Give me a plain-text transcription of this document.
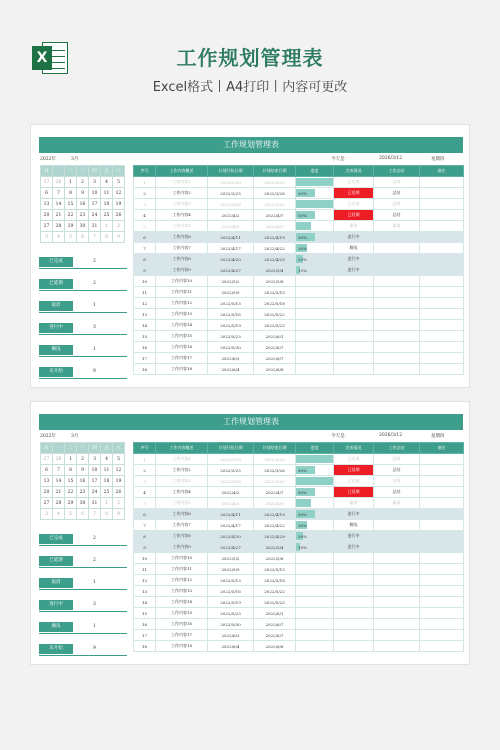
X	工作规划管理表
Excel格式丨A4打印丨内容可更改
工作规划管理表
2022年	3月	今天是：	2026/3/12	星期四
日	一	二	三	四	五	六
27	28	1	2	3	4	5
6	7	8	9	10	11	12
13	14	15	16	17	18	19
20	21	22	23	24	25	26
27	28	29	30	31	1	2
3	4	5	6	7	8	9
已完成	2
已延期	2
取消	1
进行中	3
搁浅	1
未开始	9
序号	工作内容概述	计划开始日期	计划结束日期	进度	完成情况	工作总结	备注
1	工作内容1	2022/3/20	2022/3/25		已完成	总结	
2	工作内容2	2022/3/25	2022/3/26	50%	已延期	总结	
3	工作内容3	2022/3/26	2022/3/30		已完成	总结	
4	工作内容4	2022/4/2	2022/4/7	50%	已延期	总结	
5	工作内容5	2022/4/5	2022/4/9		取消	取消	
6	工作内容6	2022/4/11	2022/4/19	50%	进行中		
7	工作内容7	2022/4/17	2022/4/22	30%	搁浅		
8	工作内容8	2022/4/20	2022/4/29	20%	进行中		
9	工作内容9	2022/4/27	2022/5/4	10%	进行中		
10	工作内容10	2022/5/2	2022/5/8	

11	工作内容11	2022/5/9	2022/5/15	

12	工作内容12	2022/5/13	2022/5/18	

13	工作内容13	2022/5/16	2022/5/22	

14	工作内容14	2022/5/19	2022/5/23	

15	工作内容15	2022/5/23	2022/6/1	

16	工作内容16	2022/5/30	2022/6/7	

17	工作内容17	2022/6/3	2022/6/7	

18	工作内容18	2022/6/4	2022/6/8	

工作规划管理表
2022年	3月	今天是：	2026/3/12	星期四
日	一	二	三	四	五	六
27	28	1	2	3	4	5
6	7	8	9	10	11	12
13	14	15	16	17	18	19
20	21	22	23	24	25	26
27	28	29	30	31	1	2
3	4	5	6	7	8	9
已完成	2
已延期	2
取消	1
进行中	3
搁浅	1
未开始	9
序号	工作内容概述	计划开始日期	计划结束日期	进度	完成情况	工作总结	备注
1	工作内容1	2022/3/20	2022/3/25		已完成	总结	
2	工作内容2	2022/3/25	2022/3/26	50%	已延期	总结	
3	工作内容3	2022/3/26	2022/3/30		已完成	总结	
4	工作内容4	2022/4/2	2022/4/7	50%	已延期	总结	
5	工作内容5	2022/4/5	2022/4/9		取消	取消	
6	工作内容6	2022/4/11	2022/4/19	50%	进行中		
7	工作内容7	2022/4/17	2022/4/22	30%	搁浅		
8	工作内容8	2022/4/20	2022/4/29	20%	进行中		
9	工作内容9	2022/4/27	2022/5/4	10%	进行中		
10	工作内容10	2022/5/2	2022/5/8	

11	工作内容11	2022/5/9	2022/5/15	

12	工作内容12	2022/5/13	2022/5/18	

13	工作内容13	2022/5/16	2022/5/22	

14	工作内容14	2022/5/19	2022/5/23	

15	工作内容15	2022/5/23	2022/6/1	

16	工作内容16	2022/5/30	2022/6/7	

17	工作内容17	2022/6/3	2022/6/7	

18	工作内容18	2022/6/4	2022/6/8	
